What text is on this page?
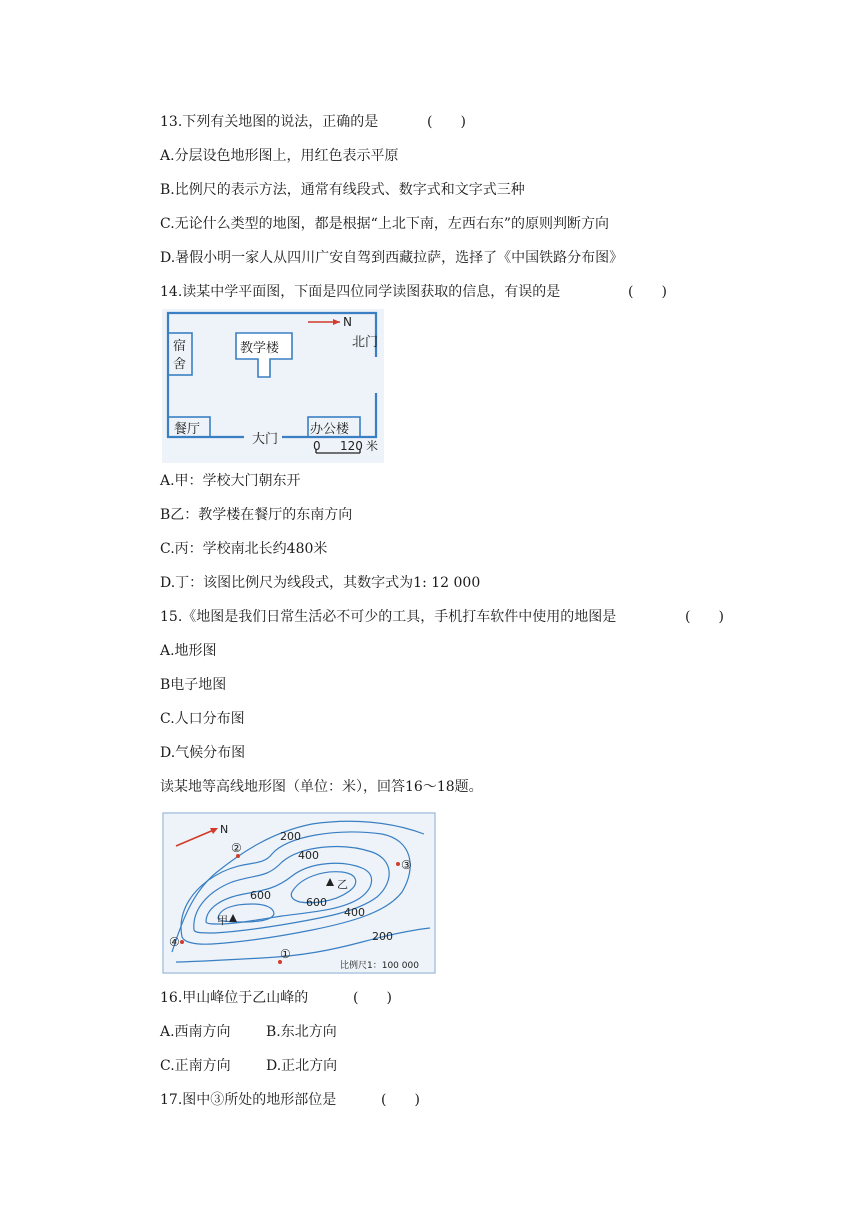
13.下列有关地图的说法，正确的是	(　　)
A.分层设色地形图上，用红色表示平原
B.比例尺的表示方法，通常有线段式、数字式和文字式三种
C.无论什么类型的地图，都是根据“上北下南，左西右东”的原则判断方向
D.暑假小明一家人从四川广安自驾到西藏拉萨，选择了《中国铁路分布图》
14.读某中学平面图，下面是四位同学读图获取的信息，有误的是	(　　)
N
宿
舍
教学楼	北门
餐厅
大门
办公楼
0 120 米
A.甲：学校大门朝东开
B乙：教学楼在餐厅的东南方向
C.丙：学校南北长约480米
D.丁：该图比例尺为线段式，其数字式为1: 12 000
15.《地图是我们日常生活必不可少的工具，手机打车软件中使用的地图是	(　　)
A.地形图
B电子地图
C.人口分布图
D.气候分布图
读某地等高线地形图（单位：米），回答16～18题。
N
200
400
600
600
400
200
甲
乙
①
②
③
④
比例尺1：100 000
16.甲山峰位于乙山峰的	(　　)
A.西南方向	B.东北方向
C.正南方向	D.正北方向
17.图中③所处的地形部位是	(　　)
